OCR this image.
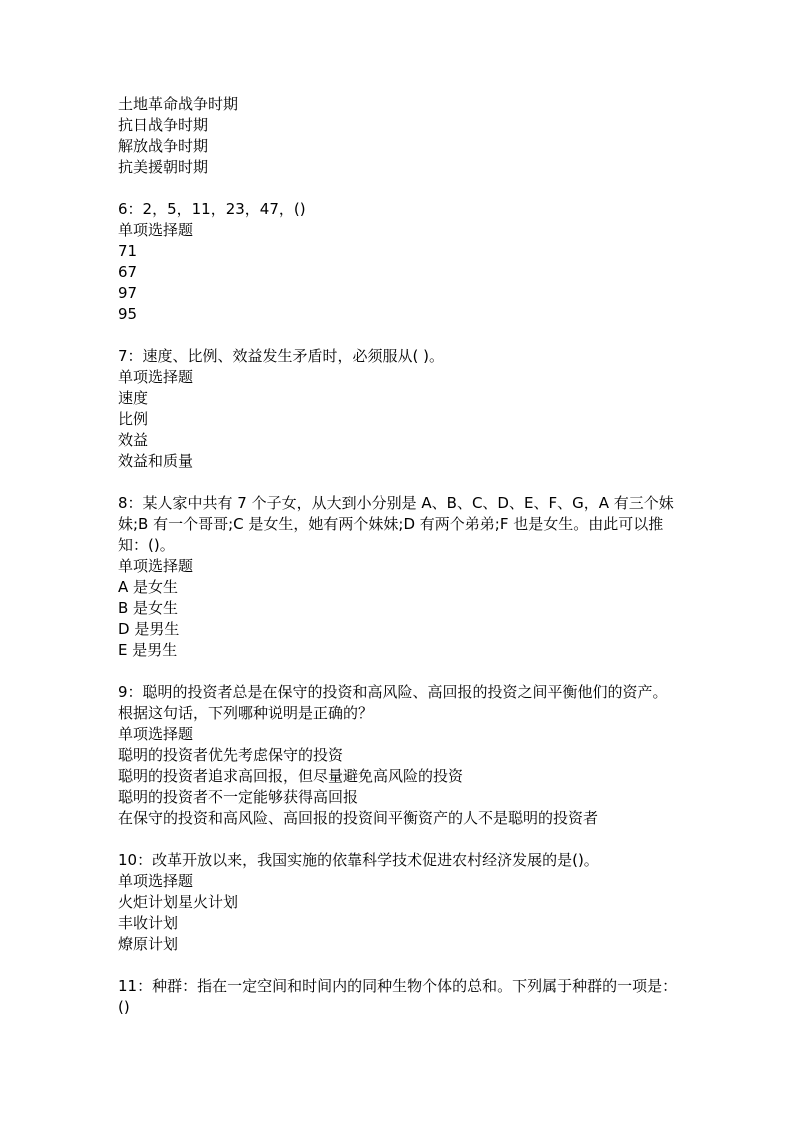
土地革命战争时期
抗日战争时期
解放战争时期
抗美援朝时期
6：2，5，11，23，47，()
单项选择题
71
67
97
95
7：速度、比例、效益发生矛盾时，必须服从( )。
单项选择题
速度
比例
效益
效益和质量
8：某人家中共有 7 个子女，从大到小分别是 A、B、C、D、E、F、G，A 有三个妹妹;B 有一个哥哥;C 是女生，她有两个妹妹;D 有两个弟弟;F 也是女生。由此可以推知：()。
单项选择题
A 是女生
B 是女生
D 是男生
E 是男生
9：聪明的投资者总是在保守的投资和高风险、高回报的投资之间平衡他们的资产。根据这句话，下列哪种说明是正确的？
单项选择题
聪明的投资者优先考虑保守的投资
聪明的投资者追求高回报，但尽量避免高风险的投资
聪明的投资者不一定能够获得高回报
在保守的投资和高风险、高回报的投资间平衡资产的人不是聪明的投资者
10：改革开放以来，我国实施的依靠科学技术促进农村经济发展的是()。
单项选择题
火炬计划星火计划
丰收计划
燎原计划
11：种群：指在一定空间和时间内的同种生物个体的总和。下列属于种群的一项是：()
